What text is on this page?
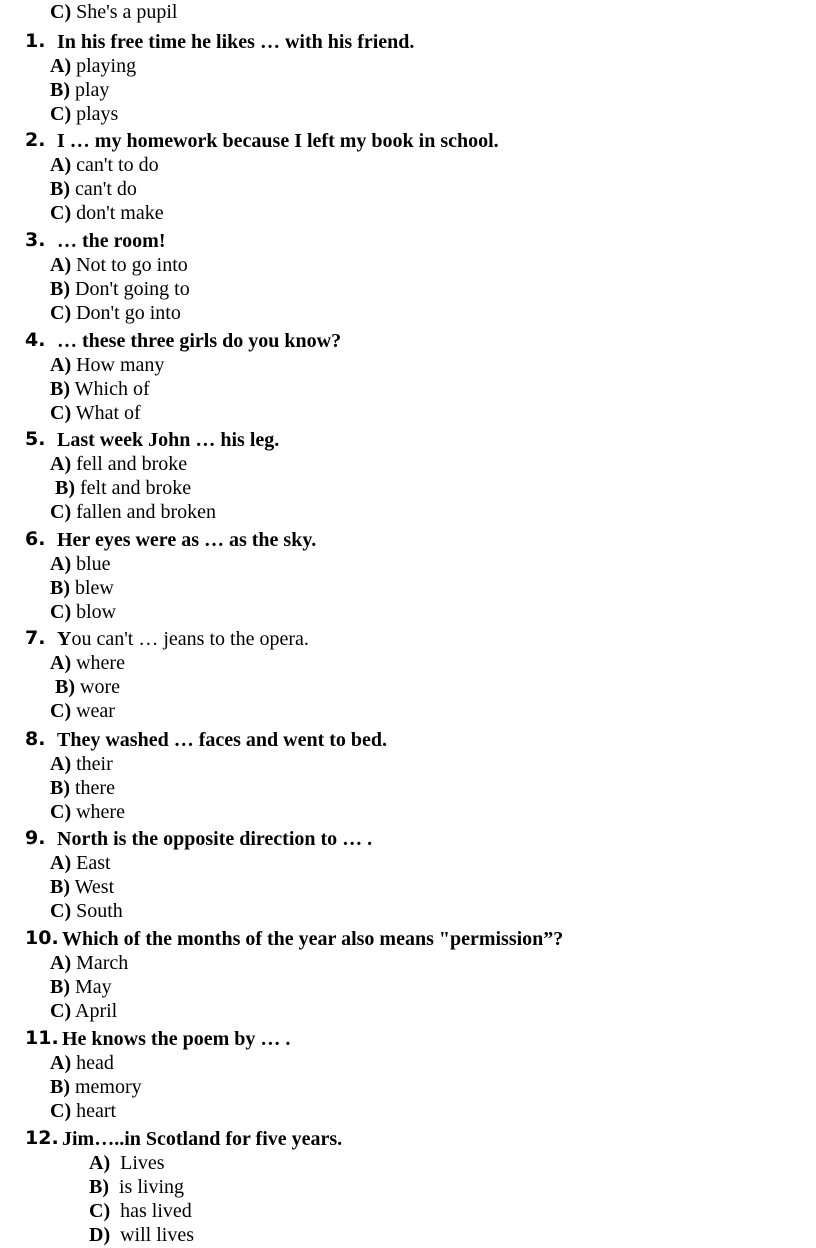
C) She's a pupil
1. In his free time he likes … with his friend.
A) playing
B) play
C) plays
2. I … my homework because I left my book in school.
A) can't to do
B) can't do
C) don't make
3. … the room!
A) Not to go into
B) Don't going to
C) Don't go into
4. … these three girls do you know?
A) How many
B) Which of
C) What of
5. Last week John … his leg.
A) fell and broke
B) felt and broke
C) fallen and broken
6. Her eyes were as … as the sky.
A) blue
B) blew
C) blow
7. You can't … jeans to the opera.
A) where
B) wore
C) wear
8. They washed … faces and went to bed.
A) their
B) there
C) where
9. North is the opposite direction to … .
A) East
B) West
C) South
10. Which of the months of the year also means "permission”?
A) March
B) May
C) April
11. He knows the poem by … .
A) head
B) memory
C) heart
12. Jim…..in Scotland for five years.
A) Lives
B) is living
C) has lived
D) will lives
